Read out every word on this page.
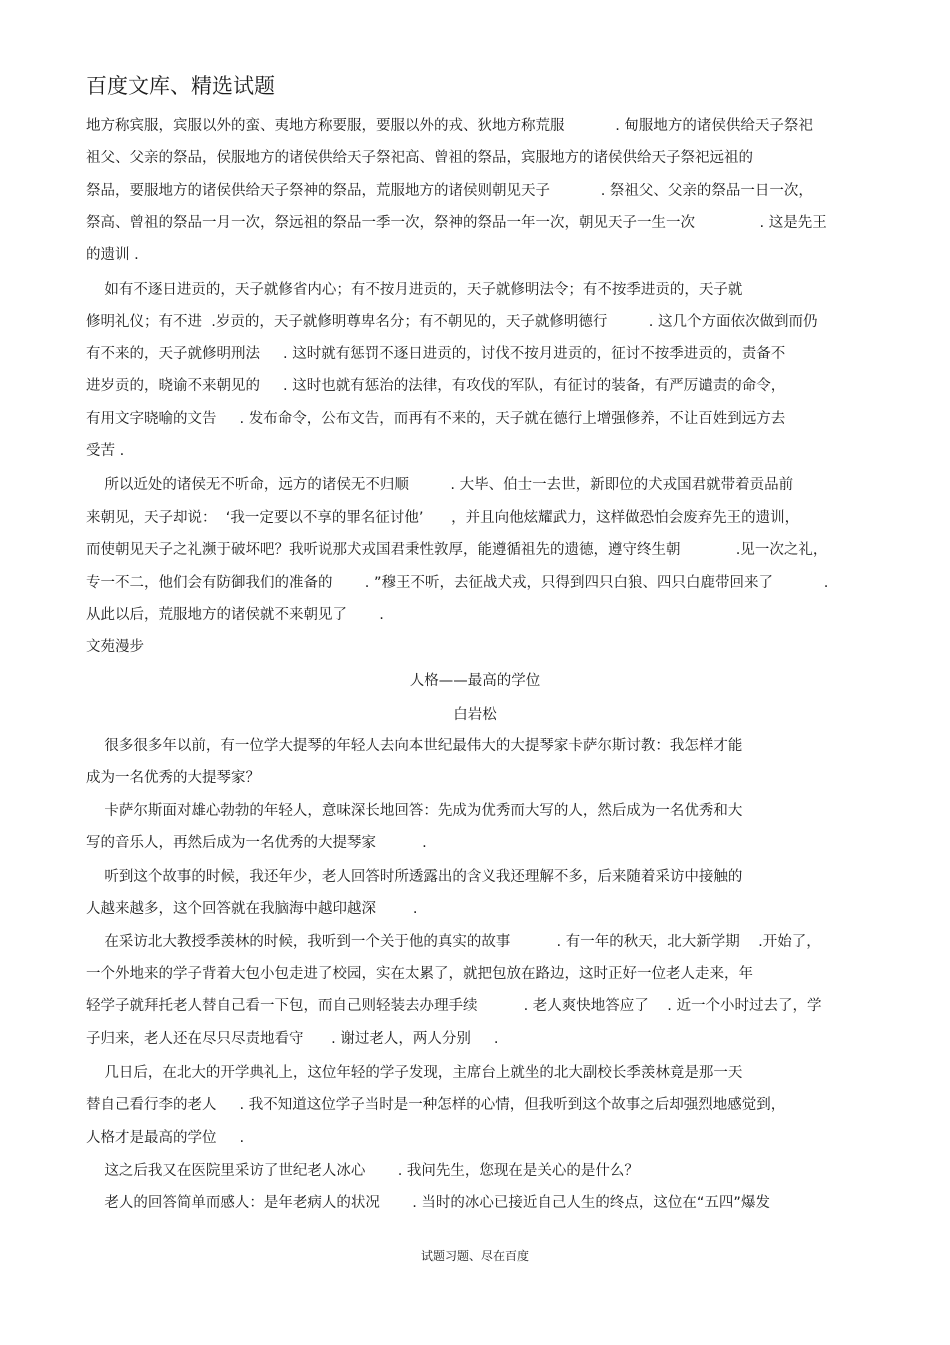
百度文库、精选试题
地方称宾服，宾服以外的蛮、夷地方称要服，要服以外的戎、狄地方称荒服           . 甸服地方的诸侯供给天子祭祀
祖父、父亲的祭品，侯服地方的诸侯供给天子祭祀高、曾祖的祭品，宾服地方的诸侯供给天子祭祀远祖的
祭品，要服地方的诸侯供给天子祭神的祭品，荒服地方的诸侯则朝见天子           . 祭祖父、父亲的祭品一日一次，
祭高、曾祖的祭品一月一次，祭远祖的祭品一季一次，祭神的祭品一年一次，朝见天子一生一次              . 这是先王
的遗训 .
如有不逐日进贡的，天子就修省内心；有不按月进贡的，天子就修明法令；有不按季进贡的，天子就
修明礼仪；有不进  .岁贡的，天子就修明尊卑名分；有不朝见的，天子就修明德行         . 这几个方面依次做到而仍
有不来的，天子就修明刑法     . 这时就有惩罚不逐日进贡的，讨伐不按月进贡的，征讨不按季进贡的，责备不
进岁贡的，晓谕不来朝见的     . 这时也就有惩治的法律，有攻伐的军队，有征讨的装备，有严厉谴责的命令，
有用文字晓喻的文告     . 发布命令，公布文告，而再有不来的，天子就在德行上增强修养，不让百姓到远方去
受苦 .
所以近处的诸侯无不听命，远方的诸侯无不归顺         . 大毕、伯士一去世，新即位的犬戎国君就带着贡品前
来朝见，天子却说：  ‘我一定要以不享的罪名征讨他’      ，并且向他炫耀武力，这样做恐怕会废弃先王的遗训，
而使朝见天子之礼濒于破坏吧？我听说那犬戎国君秉性敦厚，能遵循祖先的遗德，遵守终生朝            .见一次之礼，
专一不二，他们会有防御我们的准备的       . ”穆王不听，去征战犬戎，只得到四只白狼、四只白鹿带回来了           .
从此以后，荒服地方的诸侯就不来朝见了       .
文苑漫步
人格——最高的学位
白岩松
很多很多年以前，有一位学大提琴的年轻人去向本世纪最伟大的大提琴家卡萨尔斯讨教：我怎样才能
成为一名优秀的大提琴家？
卡萨尔斯面对雄心勃勃的年轻人，意味深长地回答：先成为优秀而大写的人，然后成为一名优秀和大
写的音乐人，再然后成为一名优秀的大提琴家          .
听到这个故事的时候，我还年少，老人回答时所透露出的含义我还理解不多，后来随着采访中接触的
人越来越多，这个回答就在我脑海中越印越深        .
在采访北大教授季羡林的时候，我听到一个关于他的真实的故事          . 有一年的秋天，北大新学期    .开始了，
一个外地来的学子背着大包小包走进了校园，实在太累了，就把包放在路边，这时正好一位老人走来，年
轻学子就拜托老人替自己看一下包，而自己则轻装去办理手续          . 老人爽快地答应了    . 近一个小时过去了，学
子归来，老人还在尽只尽责地看守      . 谢过老人，两人分别     .
几日后，在北大的开学典礼上，这位年轻的学子发现，主席台上就坐的北大副校长季羡林竟是那一天
替自己看行李的老人     . 我不知道这位学子当时是一种怎样的心情，但我听到这个故事之后却强烈地感觉到，
人格才是最高的学位     .
这之后我又在医院里采访了世纪老人冰心       . 我问先生，您现在是关心的是什么？
老人的回答简单而感人：是年老病人的状况       . 当时的冰心已接近自己人生的终点，这位在“五四”爆发
试题习题、尽在百度
